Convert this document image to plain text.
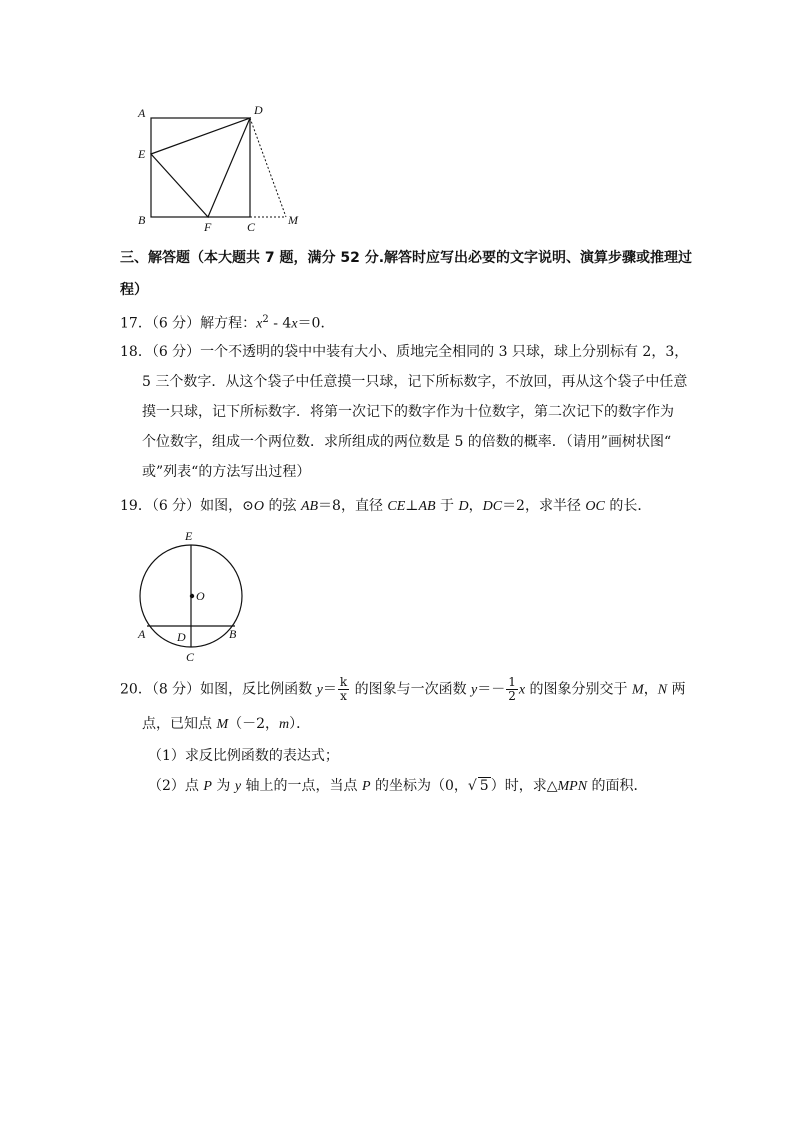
A	D
E
B	F	C	M
三、解答题（本大题共 7 题，满分 52 分.解答时应写出必要的文字说明、演算步骤或推理过
程）
17．（6 分）解方程：$x^2 - 4x=0$．
18．（6 分）一个不透明的袋中中装有大小、质地完全相同的 3 只球，球上分别标有 2，3，
5 三个数字．从这个袋子中任意摸一只球，记下所标数字，不放回，再从这个袋子中任意
摸一只球，记下所标数字．将第一次记下的数字作为十位数字，第二次记下的数字作为
个位数字，组成一个两位数．求所组成的两位数是 5 的倍数的概率．（请用”画树状图“
或”列表“的方法写出过程）
19．（6 分）如图，⊙O 的弦 AB＝8，直径 CE⊥AB 于 D，DC＝2，求半径 OC 的长．
E
O
A	D	B
C
20．（8 分）如图，反比例函数 $y= \frac{k}{x}$ 的图象与一次函数 $y=- \frac{1}{2}$ x 的图象分别交于 M，N 两
点，已知点 M（－2，m）．
（1）求反比例函数的表达式；
（2）点 P 为 y 轴上的一点，当点 P 的坐标为（0，√ 5 ）时，求△MPN 的面积．
